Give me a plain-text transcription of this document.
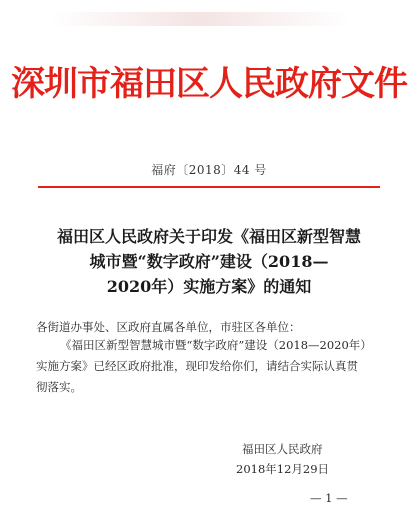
深圳市福田区人民政府文件
福府〔2018〕44 号
福田区人民政府关于印发《福田区新型智慧
城市暨“数字政府”建设（2018—
2020年）实施方案》的通知
各街道办事处、区政府直属各单位，市驻区各单位：
《福田区新型智慧城市暨“数字政府”建设（2018—2020年）
实施方案》已经区政府批准，现印发给你们，请结合实际认真贯
彻落实。
福田区人民政府
2018年12月29日
— 1 —
